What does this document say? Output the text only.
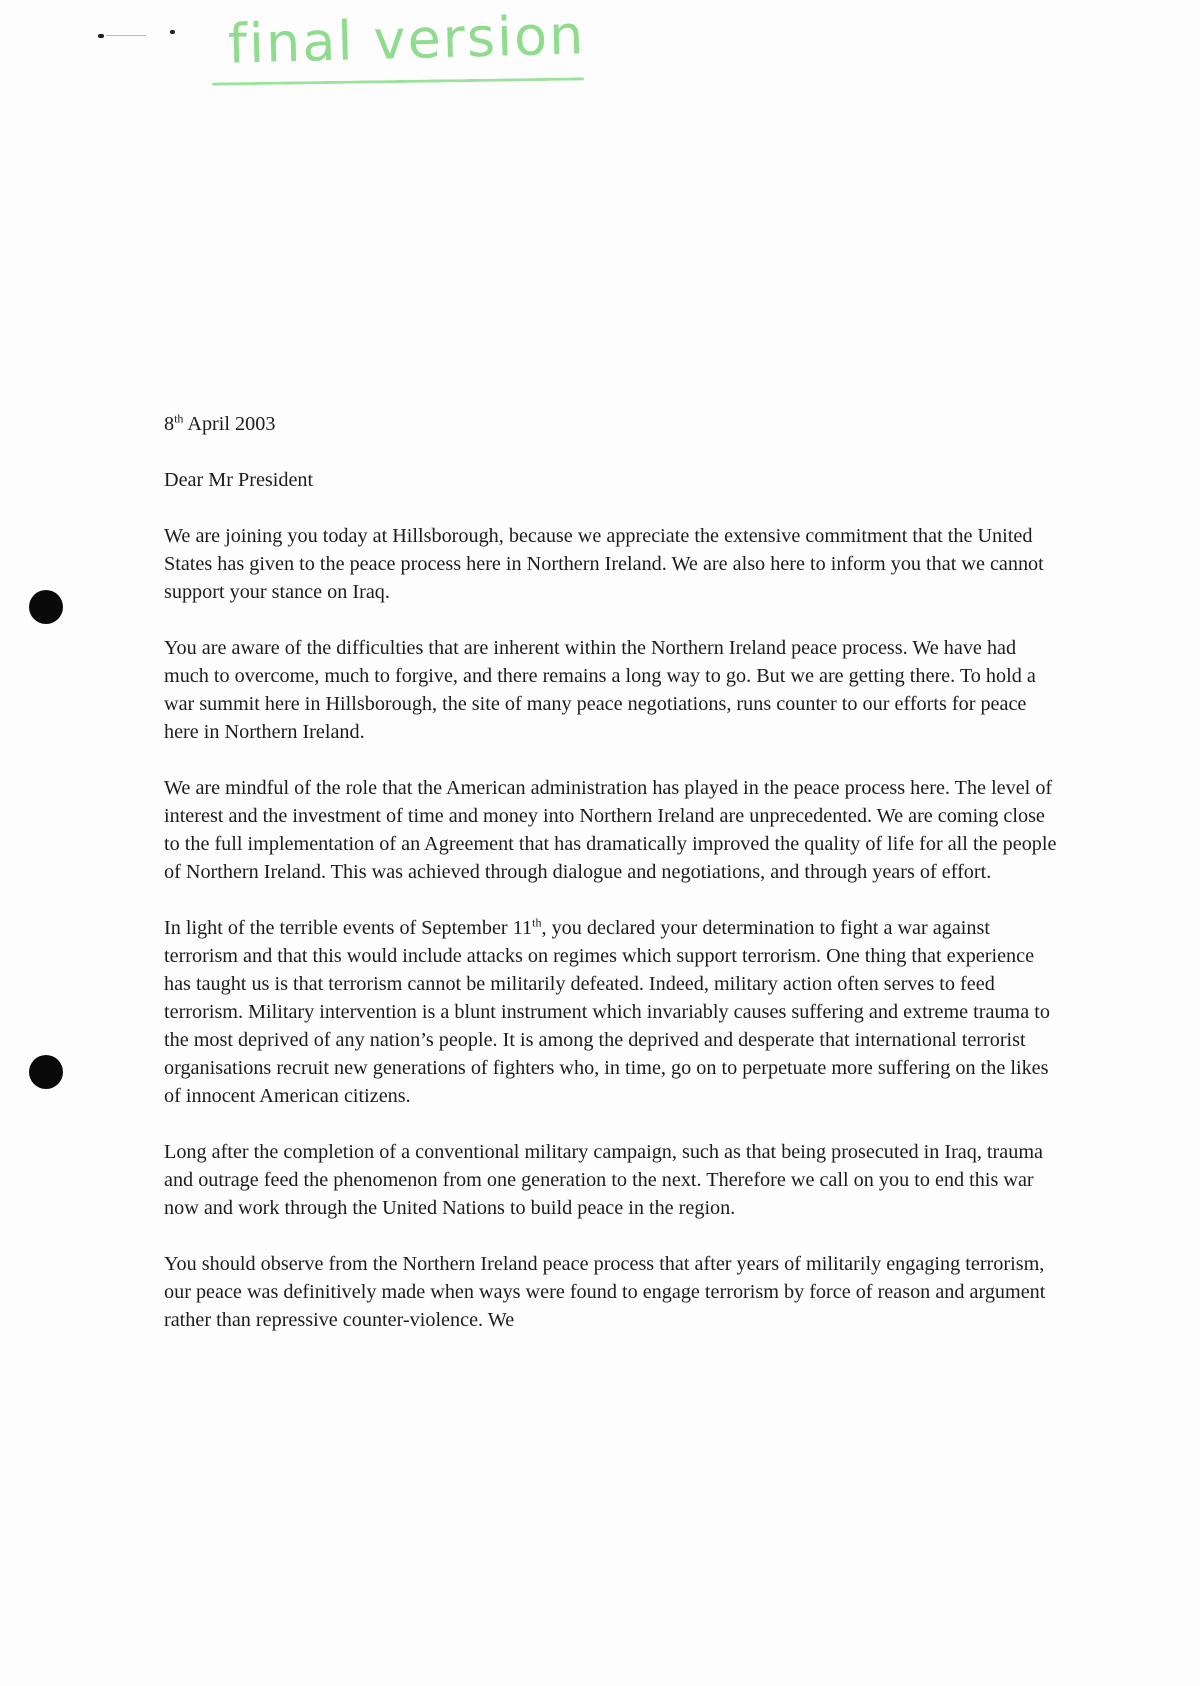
final version

8th April 2003

Dear Mr President

We are joining you today at Hillsborough, because we appreciate the extensive commitment that the United States has given to the peace process here in Northern Ireland. We are also here to inform you that we cannot support your stance on Iraq.

You are aware of the difficulties that are inherent within the Northern Ireland peace process. We have had much to overcome, much to forgive, and there remains a long way to go. But we are getting there. To hold a war summit here in Hillsborough, the site of many peace negotiations, runs counter to our efforts for peace here in Northern Ireland.

We are mindful of the role that the American administration has played in the peace process here. The level of interest and the investment of time and money into Northern Ireland are unprecedented. We are coming close to the full implementation of an Agreement that has dramatically improved the quality of life for all the people of Northern Ireland. This was achieved through dialogue and negotiations, and through years of effort.

In light of the terrible events of September 11th, you declared your determination to fight a war against terrorism and that this would include attacks on regimes which support terrorism. One thing that experience has taught us is that terrorism cannot be militarily defeated. Indeed, military action often serves to feed terrorism. Military intervention is a blunt instrument which invariably causes suffering and extreme trauma to the most deprived of any nation’s people. It is among the deprived and desperate that international terrorist organisations recruit new generations of fighters who, in time, go on to perpetuate more suffering on the likes of innocent American citizens.

Long after the completion of a conventional military campaign, such as that being prosecuted in Iraq, trauma and outrage feed the phenomenon from one generation to the next. Therefore we call on you to end this war now and work through the United Nations to build peace in the region.

You should observe from the Northern Ireland peace process that after years of militarily engaging terrorism, our peace was definitively made when ways were found to engage terrorism by force of reason and argument rather than repressive counter-violence. We
